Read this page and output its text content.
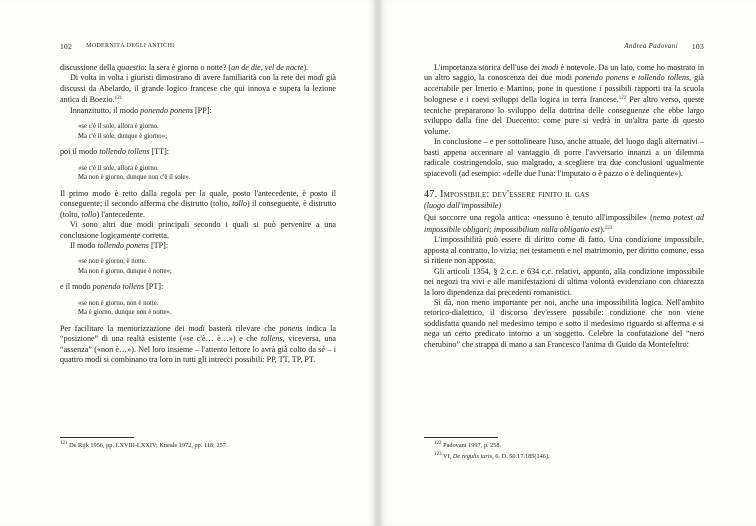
102 MODERNITÀ DEGLI ANTICHI

discussione della quaestio: la sera è giorno o notte? (an de die, vel de nocte).

Di volta in volta i giuristi dimostrano di avere familiarità con la rete dei modi già discussi da Abelardo, il grande logico francese che qui innova e supera la lezione antica di Boezio.$^{121}$

Innanzitutto, il modo ponendo ponens [PP]:

«se c'è il sole, allora è giorno.
Ma c'è il sole, dunque è giorno»;

poi il modo tollendo tollens [TT]:

«se c'è il sole, allora è giorno.
Ma non è giorno, dunque non c'è il sole».

Il primo modo è retto dalla regola per la quale, posto l'antecedente, è posto il conseguente; il secondo afferma che distrutto (tolto, tollo) il conseguente, è distrutto (tolto, tollo) l'antecedente.

Vi sono altri due modi principali secondo i quali si può pervenire a una conclusione logicamente corretta.

Il modo tollendo ponens [TP]:

«se non è giorno, è notte.
Ma non è giorno, dunque è notte»;

e il modo ponendo tollens [PT]:

«se non è giorno, non è notte.
Ma è giorno, dunque non è notte».

Per facilitare la memorizzazione dei modi basterà rilevare che ponens indica la “posizione” di una realtà esistente («se c'è… è…») e che tollens, viceversa, una “assenza” («non è…»). Nel loro insieme – l'attento lettore lo avrà già colto da sé – i quattro modi si combinano tra loro in tutti gli intrecci possibili: PP, TT, TP, PT.

$^{121}$ De Rijk 1956, pp. LXVIII-LXXIV; Kneale 1972, pp. 118; 257.

Andrea Padovani 103

L'importanza storica dell'uso dei modi è notevole. Da un lato, come ho mostrato in un altro saggio, la conoscenza dei due modi ponendo ponens e tollendo tollens, già accertabile per Irnerio e Martino, pone in questione i possibili rapporti tra la scuola bolognese e i coevi sviluppi della logica in terra francese.$^{122}$ Per altro verso, queste tecniche prepararono lo sviluppo della dottrina delle conseguenze che ebbe largo sviluppo dalla fine del Duecento: come pure si vedrà in un'altra parte di questo volume.

In conclusione – e per sottolineare l'uso, anche attuale, del luogo dagli alternativi – basti appena accennare al vantaggio di porre l'avversario innanzi a un dilemma radicale costringendolo, suo malgrado, a scegliere tra due conclusioni ugualmente spiacevoli (ad esempio: «delle due l'una: l'imputato o è pazzo o è delinquente»).

47. Impossibile: dev'essere finito il gas
(luogo dall'impossibile)

Qui soccorre una regola antica: «nessuno è tenuto all'impossibile» (nemo potest ad impossibile obligari; impossibilium nulla obligatio est).$^{123}$

L'impossibilità può essere di diritto come di fatto. Una condizione impossibile, apposta al contratto, lo vizia; nei testamenti e nel matrimonio, per diritto comune, essa si ritiene non apposta.

Gli articoli 1354, § 2 c.c. e 634 c.c. relativi, appunto, alla condizione impossibile nei negozi tra vivi e alle manifestazioni di ultima volontà evidenziano con chiarezza la loro dipendenza dai precedenti romanistici.

Si dà, non meno importante per noi, anche una impossibilità logica. Nell'ambito retorico-dialettico, il discorso dev'essere possibile: condizione che non viene soddisfatta quando nel medesimo tempo e sotto il medesimo riguardo si afferma e si nega un certo predicato intorno a un soggetto. Celebre la confutazione del “nero cherubino” che strappa di mano a san Francesco l'anima di Guido da Montefeltro:

$^{122}$ Padovani 1997, p. 258.

$^{123}$ VI, De regulis iuris, 6. D. 50.17.185(146).
